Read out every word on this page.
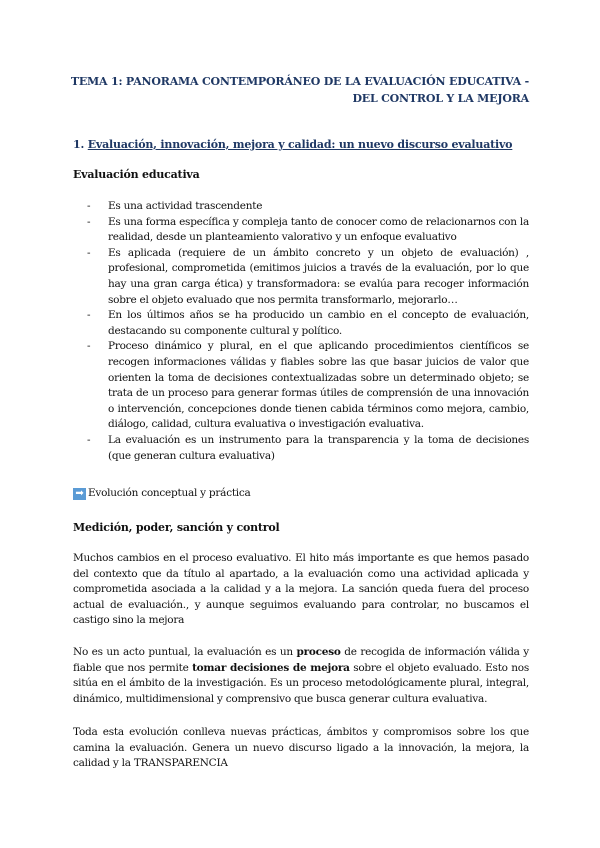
TEMA 1: PANORAMA CONTEMPORÁNEO DE LA EVALUACIÓN EDUCATIVA -
DEL CONTROL Y LA MEJORA
1. Evaluación, innovación, mejora y calidad: un nuevo discurso evaluativo
Evaluación educativa
- Es una actividad trascendente
- Es una forma específica y compleja tanto de conocer como de relacionarnos con la realidad, desde un planteamiento valorativo y un enfoque evaluativo
- Es aplicada (requiere de un ámbito concreto y un objeto de evaluación) , profesional, comprometida (emitimos juicios a través de la evaluación, por lo que hay una gran carga ética) y transformadora: se evalúa para recoger información sobre el objeto evaluado que nos permita transformarlo, mejorarlo…
- En los últimos años se ha producido un cambio en el concepto de evaluación, destacando su componente cultural y político.
- Proceso dinámico y plural, en el que aplicando procedimientos científicos se recogen informaciones válidas y fiables sobre las que basar juicios de valor que orienten la toma de decisiones contextualizadas sobre un determinado objeto; se trata de un proceso para generar formas útiles de comprensión de una innovación o intervención, concepciones donde tienen cabida términos como mejora, cambio, diálogo, calidad, cultura evaluativa o investigación evaluativa.
- La evaluación es un instrumento para la transparencia y la toma de decisiones (que generan cultura evaluativa)
➡ Evolución conceptual y práctica
Medición, poder, sanción y control

Muchos cambios en el proceso evaluativo. El hito más importante es que hemos pasado del contexto que da título al apartado, a la evaluación como una actividad aplicada y comprometida asociada a la calidad y a la mejora. La sanción queda fuera del proceso actual de evaluación., y aunque seguimos evaluando para controlar, no buscamos el castigo sino la mejora

No es un acto puntual, la evaluación es un proceso de recogida de información válida y fiable que nos permite tomar decisiones de mejora sobre el objeto evaluado. Esto nos sitúa en el ámbito de la investigación. Es un proceso metodológicamente plural, integral, dinámico, multidimensional y comprensivo que busca generar cultura evaluativa.

Toda esta evolución conlleva nuevas prácticas, ámbitos y compromisos sobre los que camina la evaluación. Genera un nuevo discurso ligado a la innovación, la mejora, la calidad y la TRANSPARENCIA
